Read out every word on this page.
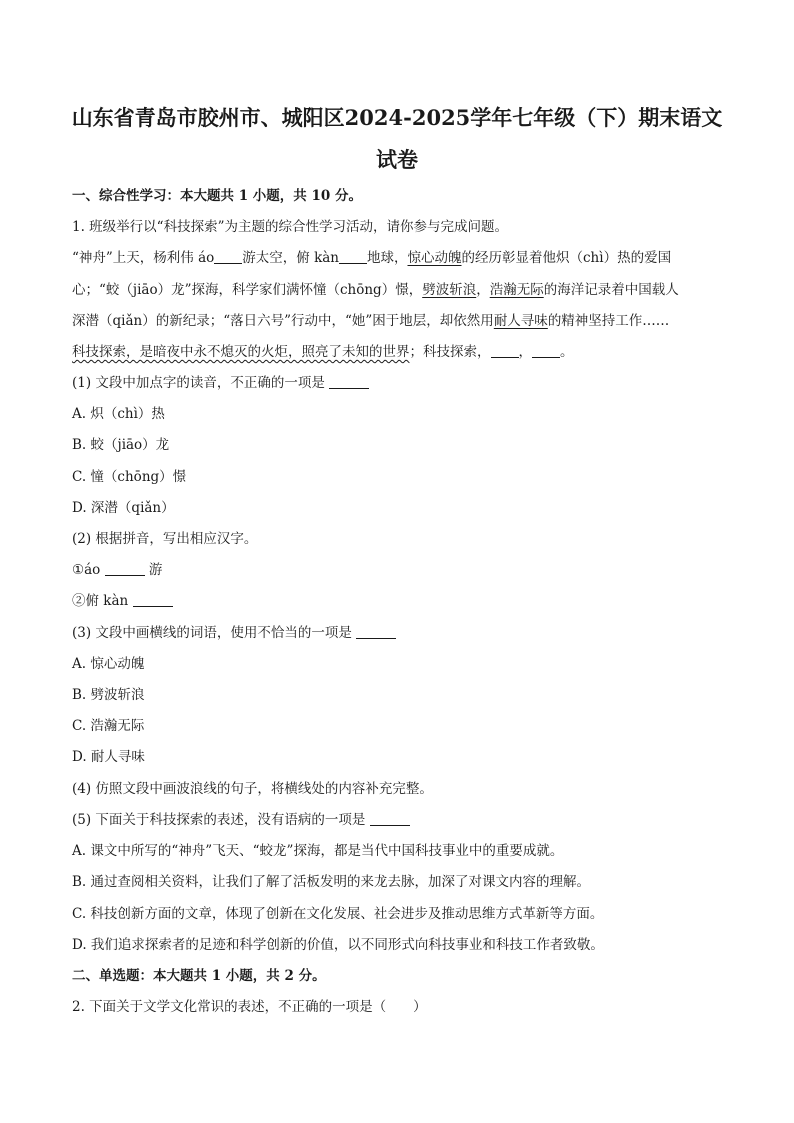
山东省青岛市胶州市、城阳区2024-2025学年七年级（下）期末语文
试卷
一、综合性学习：本大题共 1 小题，共 10 分。
1. 班级举行以“科技探索”为主题的综合性学习活动，请你参与完成问题。
“神舟”上天，杨利伟 áo 游太空，俯 kàn 地球，惊心动魄的经历彰显着他炽（chì）热的爱国
心；“蛟（jiāo）龙”探海，科学家们满怀憧（chōng）憬，劈波斩浪，浩瀚无际的海洋记录着中国载人
深潜（qiǎn）的新纪录；“落日六号”行动中，“她”困于地层，却依然用耐人寻味的精神坚持工作……
科技探索，是暗夜中永不熄灭的火炬，照亮了未知的世界；科技探索， ， 。
(1) 文段中加点字的读音，不正确的一项是
A. 炽（chì）热
B. 蛟（jiāo）龙
C. 憧（chōng）憬
D. 深潜（qiǎn）
(2) 根据拼音，写出相应汉字。
①áo	游
②俯 kàn
(3) 文段中画横线的词语，使用不恰当的一项是
A. 惊心动魄
B. 劈波斩浪
C. 浩瀚无际
D. 耐人寻味
(4) 仿照文段中画波浪线的句子，将横线处的内容补充完整。
(5) 下面关于科技探索的表述，没有语病的一项是
A. 课文中所写的“神舟”飞天、“蛟龙”探海，都是当代中国科技事业中的重要成就。
B. 通过查阅相关资料，让我们了解了活板发明的来龙去脉，加深了对课文内容的理解。
C. 科技创新方面的文章，体现了创新在文化发展、社会进步及推动思维方式革新等方面。
D. 我们追求探索者的足迹和科学创新的价值，以不同形式向科技事业和科技工作者致敬。
二、单选题：本大题共 1 小题，共 2 分。
2. 下面关于文学文化常识的表述，不正确的一项是（　　）
